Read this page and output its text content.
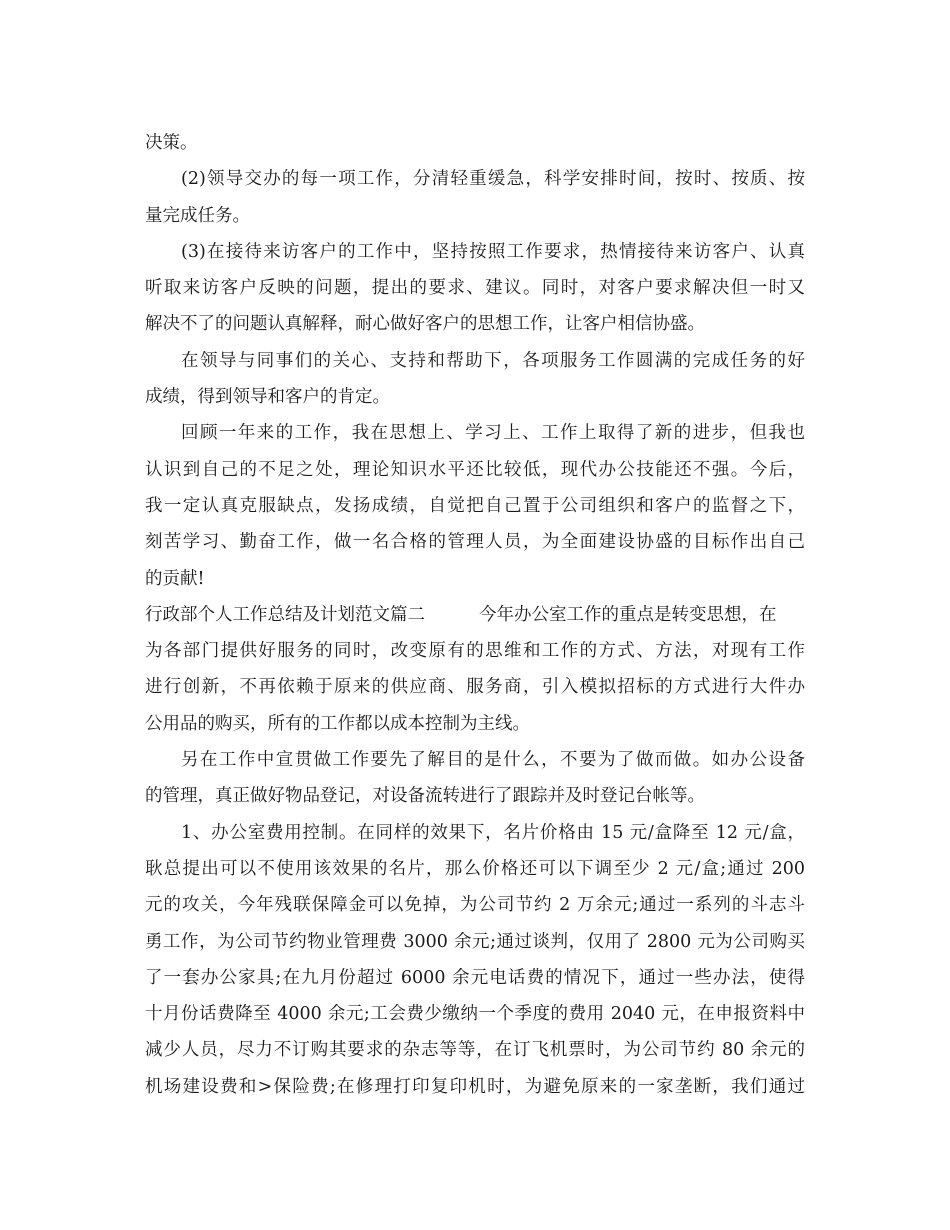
决策。
(2)领导交办的每一项工作，分清轻重缓急，科学安排时间，按时、按质、按
量完成任务。
(3)在接待来访客户的工作中，坚持按照工作要求，热情接待来访客户、认真
听取来访客户反映的问题，提出的要求、建议。同时，对客户要求解决但一时又
解决不了的问题认真解释，耐心做好客户的思想工作，让客户相信协盛。
在领导与同事们的关心、支持和帮助下，各项服务工作圆满的完成任务的好
成绩，得到领导和客户的肯定。
回顾一年来的工作，我在思想上、学习上、工作上取得了新的进步，但我也
认识到自己的不足之处，理论知识水平还比较低，现代办公技能还不强。今后，
我一定认真克服缺点，发扬成绩，自觉把自己置于公司组织和客户的监督之下，
刻苦学习、勤奋工作，做一名合格的管理人员，为全面建设协盛的目标作出自己
的贡献!
行政部个人工作总结及计划范文篇二	今年办公室工作的重点是转变思想，在
为各部门提供好服务的同时，改变原有的思维和工作的方式、方法，对现有工作
进行创新，不再依赖于原来的供应商、服务商，引入模拟招标的方式进行大件办
公用品的购买，所有的工作都以成本控制为主线。
另在工作中宣贯做工作要先了解目的是什么，不要为了做而做。如办公设备
的管理，真正做好物品登记，对设备流转进行了跟踪并及时登记台帐等。
1、办公室费用控制。在同样的效果下，名片价格由 15 元/盒降至 12 元/盒，
耿总提出可以不使用该效果的名片，那么价格还可以下调至少 2 元/盒;通过 200
元的攻关，今年残联保障金可以免掉，为公司节约 2 万余元;通过一系列的斗志斗
勇工作，为公司节约物业管理费 3000 余元;通过谈判，仅用了 2800 元为公司购买
了一套办公家具;在九月份超过 6000 余元电话费的情况下，通过一些办法，使得
十月份话费降至 4000 余元;工会费少缴纳一个季度的费用 2040 元，在申报资料中
减少人员，尽力不订购其要求的杂志等等，在订飞机票时，为公司节约 80 余元的
机场建设费和>保险费;在修理打印复印机时，为避免原来的一家垄断，我们通过
